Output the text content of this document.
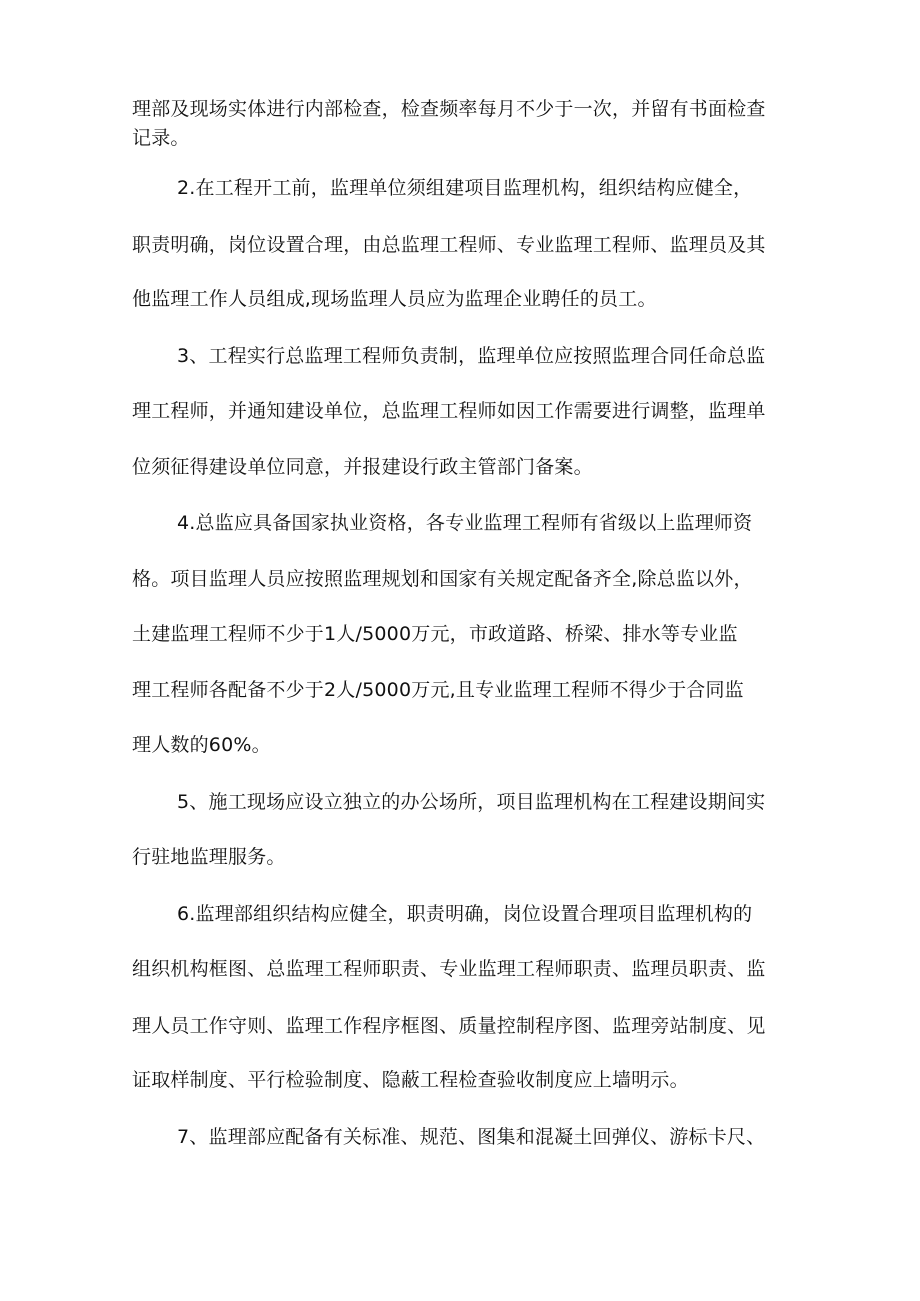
理部及现场实体进行内部检查，检查频率每月不少于一次，并留有书面检查
记录。
2.在工程开工前，监理单位须组建项目监理机构，组织结构应健全，
职责明确，岗位设置合理，由总监理工程师、专业监理工程师、监理员及其
他监理工作人员组成,现场监理人员应为监理企业聘任的员工。
3、工程实行总监理工程师负责制，监理单位应按照监理合同任命总监
理工程师，并通知建设单位，总监理工程师如因工作需要进行调整，监理单
位须征得建设单位同意，并报建设行政主管部门备案。
4.总监应具备国家执业资格，各专业监理工程师有省级以上监理师资
格。项目监理人员应按照监理规划和国家有关规定配备齐全,除总监以外，
土建监理工程师不少于1人/5000万元，市政道路、桥梁、排水等专业监
理工程师各配备不少于2人/5000万元,且专业监理工程师不得少于合同监
理人数的60%。
5、施工现场应设立独立的办公场所，项目监理机构在工程建设期间实
行驻地监理服务。
6.监理部组织结构应健全，职责明确，岗位设置合理项目监理机构的
组织机构框图、总监理工程师职责、专业监理工程师职责、监理员职责、监
理人员工作守则、监理工作程序框图、质量控制程序图、监理旁站制度、见
证取样制度、平行检验制度、隐蔽工程检查验收制度应上墙明示。
7、监理部应配备有关标准、规范、图集和混凝土回弹仪、游标卡尺、
